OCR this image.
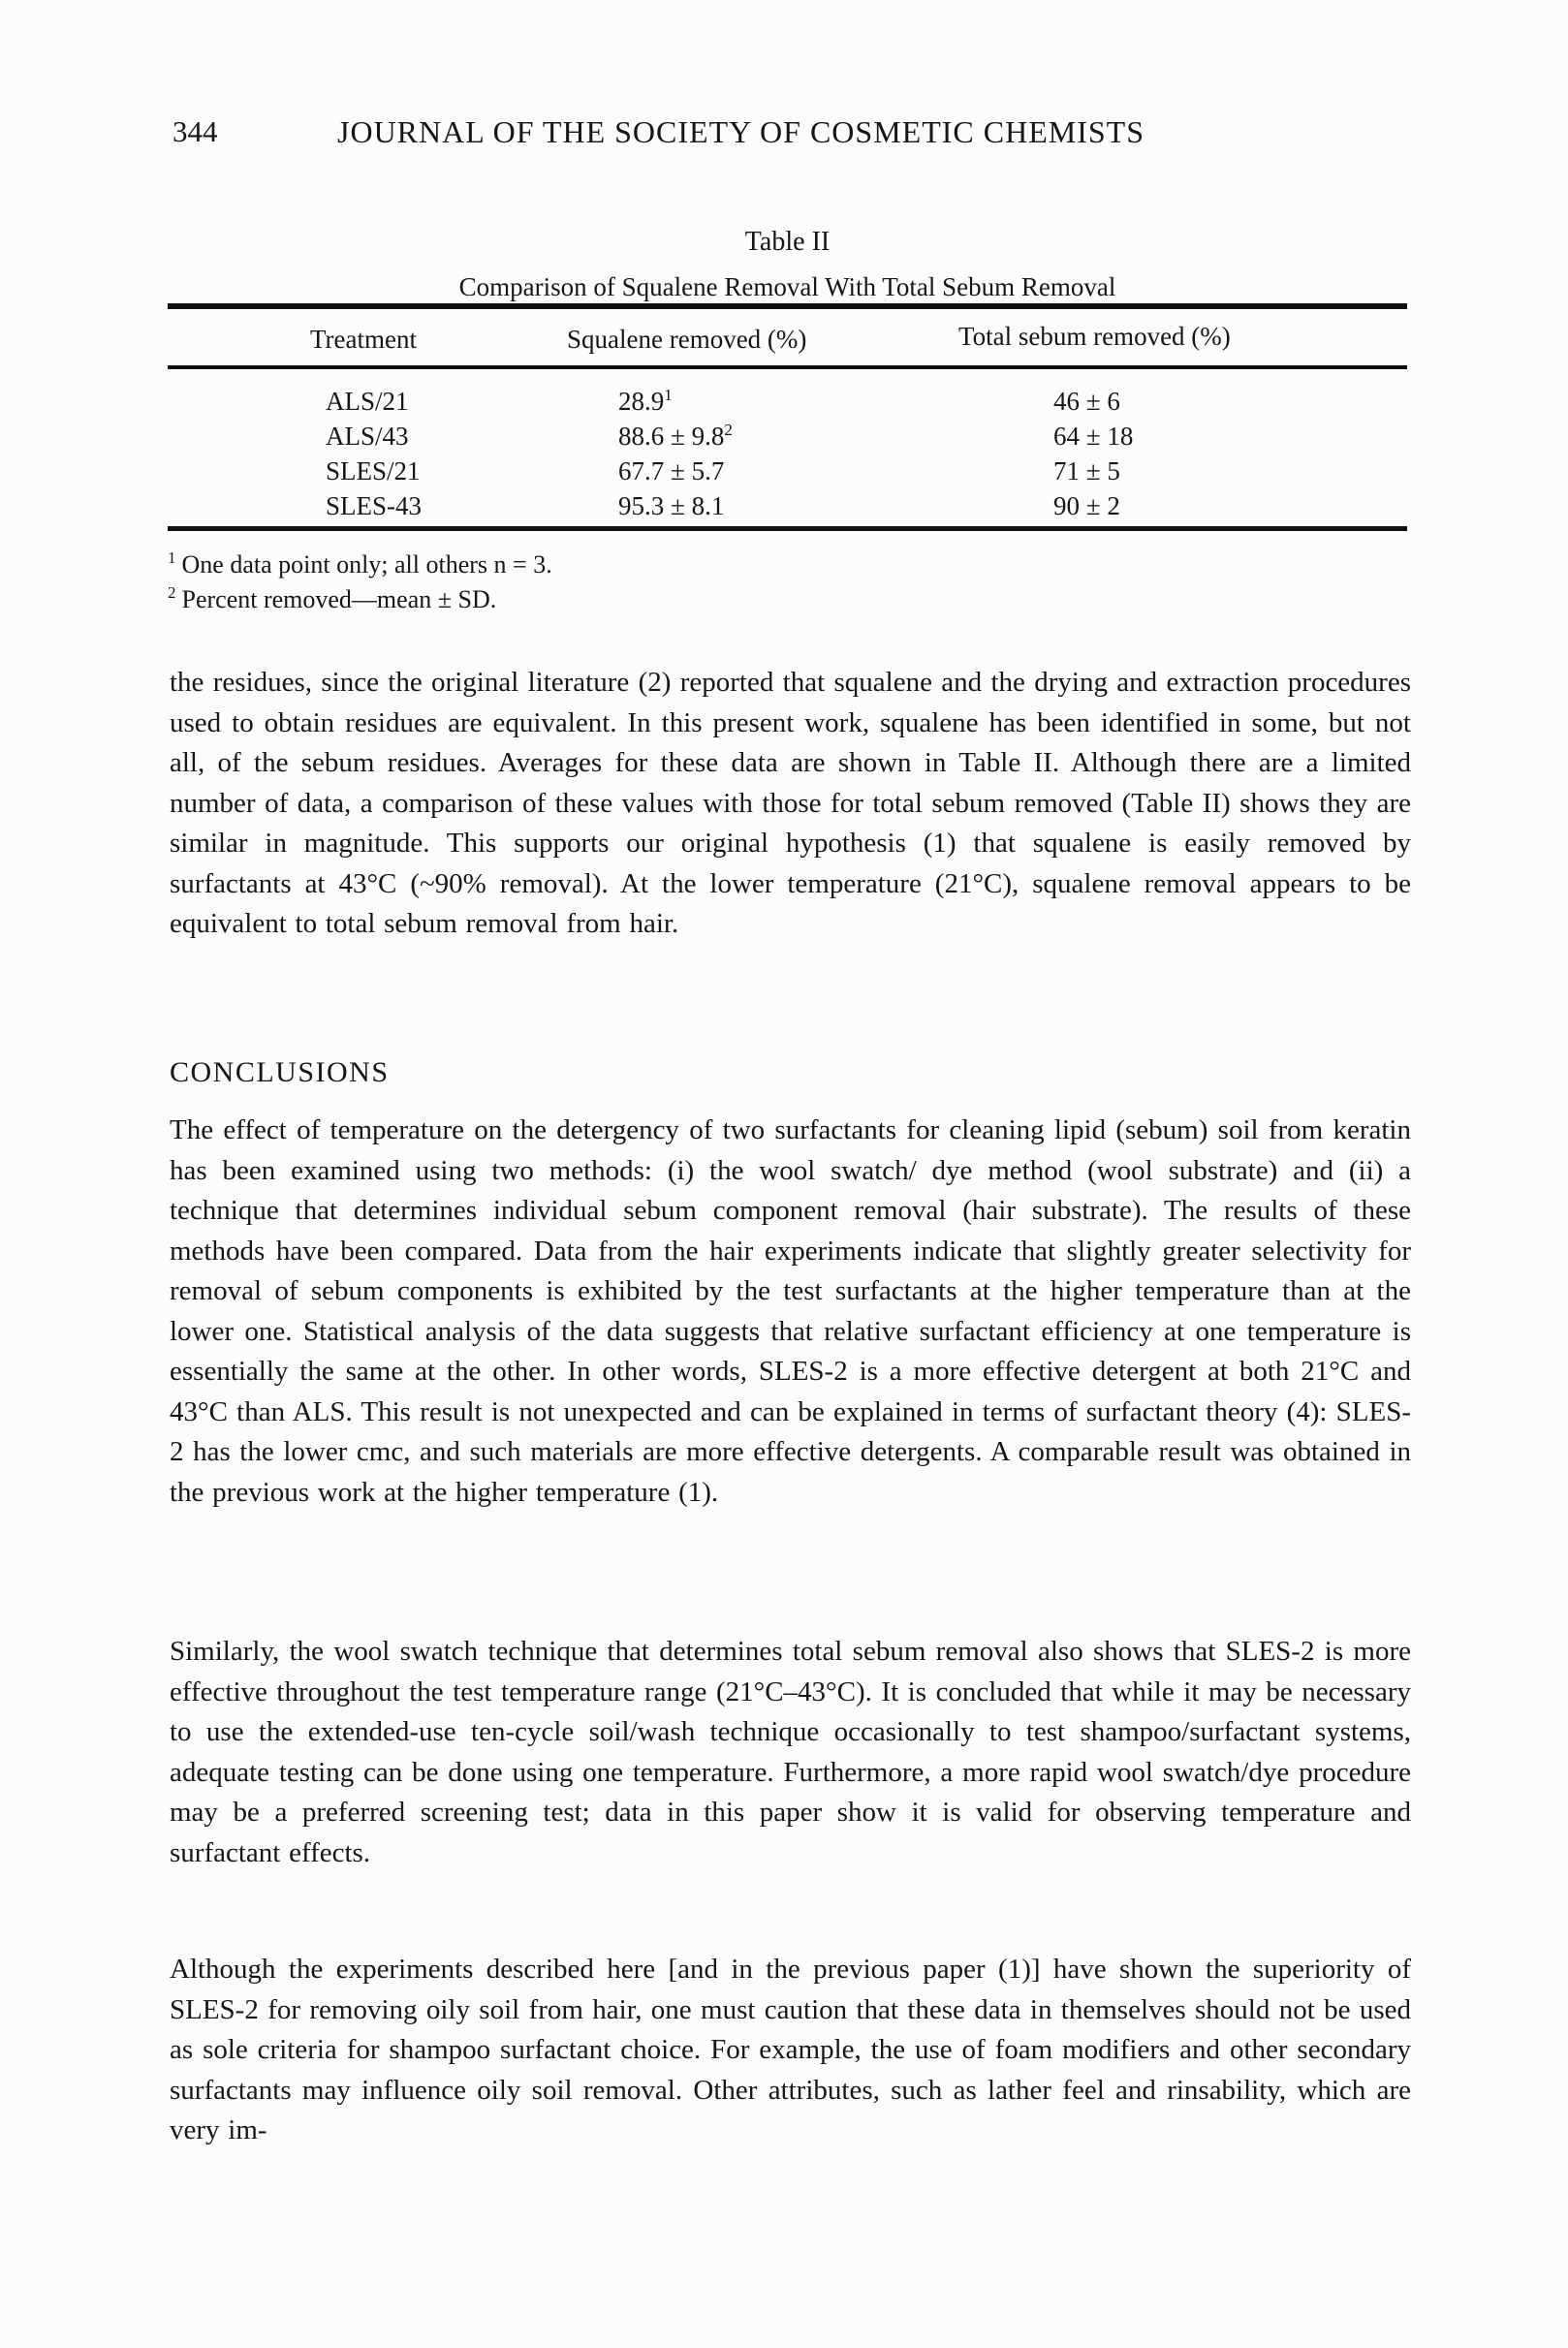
344	JOURNAL OF THE SOCIETY OF COSMETIC CHEMISTS
Table II
Comparison of Squalene Removal With Total Sebum Removal
Treatment	Squalene removed (%)	Total sebum removed (%)
ALS/21	28.9$^1$	46 ± 6
ALS/43	$88.6 \pm 9.8^2$	64 ± 18
SLES/21	67.7 ± 5.7	71 ± 5
SLES-43	95.3 ± 8.1	90 ± 2
$^1$ One data point only; all others n = 3.
$^2$ Percent removed—mean ± SD.

the residues, since the original literature (2) reported that squalene and the drying and extraction procedures used to obtain residues are equivalent. In this present work, squalene has been identified in some, but not all, of the sebum residues. Averages for these data are shown in Table II. Although there are a limited number of data, a comparison of these values with those for total sebum removed (Table II) shows they are similar in magnitude. This supports our original hypothesis (1) that squalene is easily removed by surfactants at 43°C (~90% removal). At the lower temperature (21°C), squalene removal appears to be equivalent to total sebum removal from hair.

CONCLUSIONS

The effect of temperature on the detergency of two surfactants for cleaning lipid (sebum) soil from keratin has been examined using two methods: (i) the wool swatch/ dye method (wool substrate) and (ii) a technique that determines individual sebum component removal (hair substrate). The results of these methods have been compared. Data from the hair experiments indicate that slightly greater selectivity for removal of sebum components is exhibited by the test surfactants at the higher temperature than at the lower one. Statistical analysis of the data suggests that relative surfactant efficiency at one temperature is essentially the same at the other. In other words, SLES-2 is a more effective detergent at both 21°C and 43°C than ALS. This result is not unexpected and can be explained in terms of surfactant theory (4): SLES-2 has the lower cmc, and such materials are more effective detergents. A comparable result was obtained in the previous work at the higher temperature (1).

Similarly, the wool swatch technique that determines total sebum removal also shows that SLES-2 is more effective throughout the test temperature range (21°C–43°C). It is concluded that while it may be necessary to use the extended-use ten-cycle soil/wash technique occasionally to test shampoo/surfactant systems, adequate testing can be done using one temperature. Furthermore, a more rapid wool swatch/dye procedure may be a preferred screening test; data in this paper show it is valid for observing temperature and surfactant effects.

Although the experiments described here [and in the previous paper (1)] have shown the superiority of SLES-2 for removing oily soil from hair, one must caution that these data in themselves should not be used as sole criteria for shampoo surfactant choice. For example, the use of foam modifiers and other secondary surfactants may influence oily soil removal. Other attributes, such as lather feel and rinsability, which are very im-
